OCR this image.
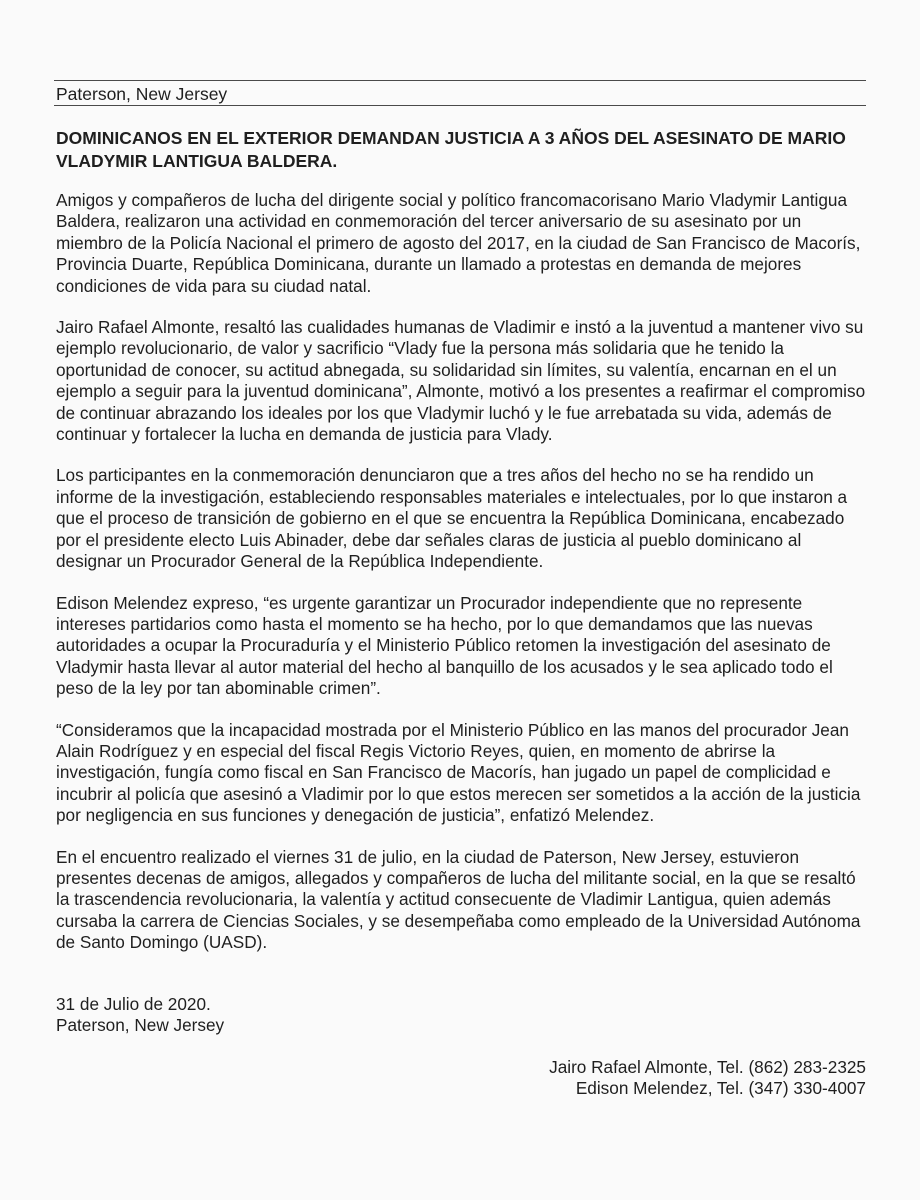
Paterson, New Jersey
DOMINICANOS EN EL EXTERIOR DEMANDAN JUSTICIA A 3 AÑOS DEL ASESINATO DE MARIO VLADYMIR LANTIGUA BALDERA.

Amigos y compañeros de lucha del dirigente social y político francomacorisano Mario Vladymir Lantigua Baldera, realizaron una actividad en conmemoración del tercer aniversario de su asesinato por un miembro de la Policía Nacional el primero de agosto del 2017, en la ciudad de San Francisco de Macorís, Provincia Duarte, República Dominicana, durante un llamado a protestas en demanda de mejores condiciones de vida para su ciudad natal.

Jairo Rafael Almonte, resaltó las cualidades humanas de Vladimir e instó a la juventud a mantener vivo su ejemplo revolucionario, de valor y sacrificio “Vlady fue la persona más solidaria que he tenido la oportunidad de conocer, su actitud abnegada, su solidaridad sin límites, su valentía, encarnan en el un ejemplo a seguir para la juventud dominicana”, Almonte, motivó a los presentes a reafirmar el compromiso de continuar abrazando los ideales por los que Vladymir luchó y le fue arrebatada su vida, además de continuar y fortalecer la lucha en demanda de justicia para Vlady.

Los participantes en la conmemoración denunciaron que a tres años del hecho no se ha rendido un informe de la investigación, estableciendo responsables materiales e intelectuales, por lo que instaron a que el proceso de transición de gobierno en el que se encuentra la República Dominicana, encabezado por el presidente electo Luis Abinader, debe dar señales claras de justicia al pueblo dominicano al designar un Procurador General de la República Independiente.

Edison Melendez expreso, “es urgente garantizar un Procurador independiente que no represente intereses partidarios como hasta el momento se ha hecho, por lo que demandamos que las nuevas autoridades a ocupar la Procuraduría y el Ministerio Público retomen la investigación del asesinato de Vladymir hasta llevar al autor material del hecho al banquillo de los acusados y le sea aplicado todo el peso de la ley por tan abominable crimen”.

“Consideramos que la incapacidad mostrada por el Ministerio Público en las manos del procurador Jean Alain Rodríguez y en especial del fiscal Regis Victorio Reyes, quien, en momento de abrirse la investigación, fungía como fiscal en San Francisco de Macorís, han jugado un papel de complicidad e incubrir al policía que asesinó a Vladimir por lo que estos merecen ser sometidos a la acción de la justicia por negligencia en sus funciones y denegación de justicia”, enfatizó Melendez.

En el encuentro realizado el viernes 31 de julio, en la ciudad de Paterson, New Jersey, estuvieron presentes decenas de amigos, allegados y compañeros de lucha del militante social, en la que se resaltó la trascendencia revolucionaria, la valentía y actitud consecuente de Vladimir Lantigua, quien además cursaba la carrera de Ciencias Sociales, y se desempeñaba como empleado de la Universidad Autónoma de Santo Domingo (UASD).

31 de Julio de 2020.
Paterson, New Jersey
Jairo Rafael Almonte, Tel. (862) 283-2325
Edison Melendez, Tel. (347) 330-4007
